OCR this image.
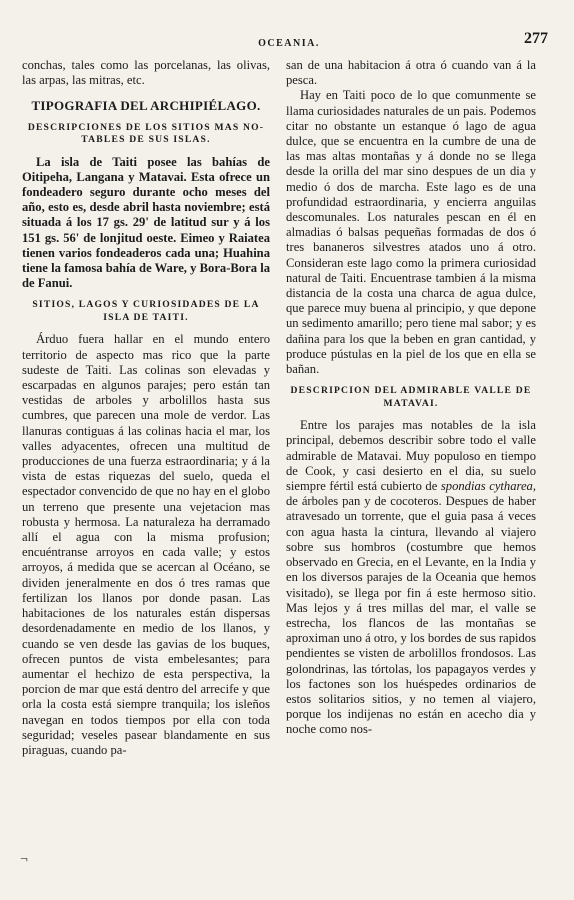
OCEANIA.	277

conchas, tales como las porcelanas, las olivas, las arpas, las mitras, etc.

TIPOGRAFIA DEL ARCHIPIÉLAGO.
DESCRIPCIONES DE LOS SITIOS MAS NO-
TABLES DE SUS ISLAS.

La isla de Taiti posee las bahías de Oitipeha, Langana y Matavai. Esta ofrece un fondeadero seguro durante ocho meses del año, esto es, desde abril hasta noviembre; está situada á los 17 gs. 29' de latitud sur y á los 151 gs. 56' de lonjitud oeste. Eimeo y Raiatea tienen varios fondeaderos cada una; Huahina tiene la famosa bahía de Ware, y Bora-Bora la de Fanui.

SITIOS, LAGOS Y CURIOSIDADES DE LA
ISLA DE TAITI.

Árduo fuera hallar en el mundo entero territorio de aspecto mas rico que la parte sudeste de Taiti. Las colinas son elevadas y escarpadas en algunos parajes; pero están tan vestidas de arboles y arbolillos hasta sus cumbres, que parecen una mole de verdor. Las llanuras contiguas á las colinas hacia el mar, los valles adyacentes, ofrecen una multitud de producciones de una fuerza estraordinaria; y á la vista de estas riquezas del suelo, queda el espectador convencido de que no hay en el globo un terreno que presente una vejetacion mas robusta y hermosa. La naturaleza ha derramado allí el agua con la misma profusion; encuéntranse arroyos en cada valle; y estos arroyos, á medida que se acercan al Océano, se dividen jeneralmente en dos ó tres ramas que fertilizan los llanos por donde pasan. Las habitaciones de los naturales están dispersas desordenadamente en medio de los llanos, y cuando se ven desde las gavias de los buques, ofrecen puntos de vista embelesantes; para aumentar el hechizo de esta perspectiva, la porcion de mar que está dentro del arrecife y que orla la costa está siempre tranquila; los isleños navegan en todos tiempos por ella con toda seguridad; veseles pasear blandamente en sus piraguas, cuando pa-

san de una habitacion á otra ó cuando van á la pesca.

Hay en Taiti poco de lo que comunmente se llama curiosidades naturales de un pais. Podemos citar no obstante un estanque ó lago de agua dulce, que se encuentra en la cumbre de una de las mas altas montañas y á donde no se llega desde la orilla del mar sino despues de un dia y medio ó dos de marcha. Este lago es de una profundidad estraordinaria, y encierra anguilas descomunales. Los naturales pescan en él en almadias ó balsas pequeñas formadas de dos ó tres bananeros silvestres atados uno á otro. Consideran este lago como la primera curiosidad natural de Taiti. Encuentrase tambien á la misma distancia de la costa una charca de agua dulce, que parece muy buena al principio, y que depone un sedimento amarillo; pero tiene mal sabor; y es dañina para los que la beben en gran cantidad, y produce pústulas en la piel de los que en ella se bañan.

DESCRIPCION DEL ADMIRABLE VALLE DE
MATAVAI.

Entre los parajes mas notables de la isla principal, debemos describir sobre todo el valle admirable de Matavai. Muy populoso en tiempo de Cook, y casi desierto en el dia, su suelo siempre fértil está cubierto de spondias cytharea, de árboles pan y de cocoteros. Despues de haber atravesado un torrente, que el guia pasa á veces con agua hasta la cintura, llevando al viajero sobre sus hombros (costumbre que hemos observado en Grecia, en el Levante, en la India y en los diversos parajes de la Oceania que hemos visitado), se llega por fin á este hermoso sitio. Mas lejos y á tres millas del mar, el valle se estrecha, los flancos de las montañas se aproximan uno á otro, y los bordes de sus rapidos pendientes se visten de arbolillos frondosos. Las golondrinas, las tórtolas, los papagayos verdes y los factones son los huéspedes ordinarios de estos solitarios sitios, y no temen al viajero, porque los indijenas no están en acecho dia y noche como nos-

¬
